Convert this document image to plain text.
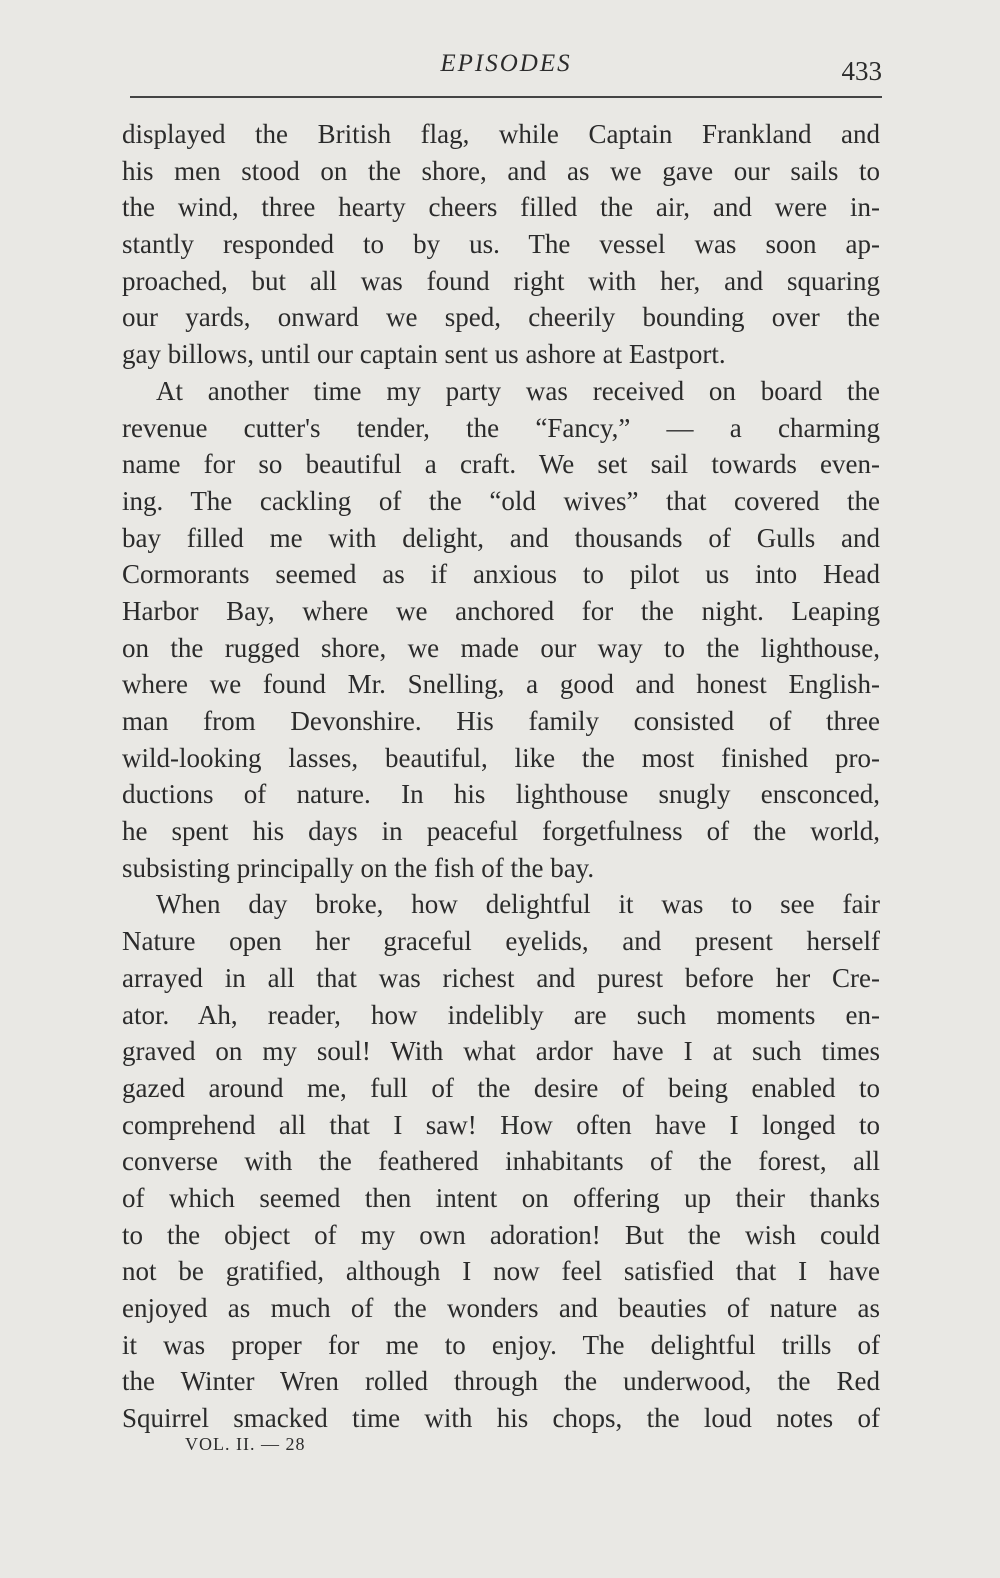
EPISODES	433
displayed the British flag, while Captain Frankland and
his men stood on the shore, and as we gave our sails to
the wind, three hearty cheers filled the air, and were in-
stantly responded to by us. The vessel was soon ap-
proached, but all was found right with her, and squaring
our yards, onward we sped, cheerily bounding over the
gay billows, until our captain sent us ashore at Eastport.
At another time my party was received on board the
revenue cutter's tender, the “Fancy,” — a charming
name for so beautiful a craft. We set sail towards even-
ing. The cackling of the “old wives” that covered the
bay filled me with delight, and thousands of Gulls and
Cormorants seemed as if anxious to pilot us into Head
Harbor Bay, where we anchored for the night. Leaping
on the rugged shore, we made our way to the lighthouse,
where we found Mr. Snelling, a good and honest English-
man from Devonshire. His family consisted of three
wild-looking lasses, beautiful, like the most finished pro-
ductions of nature. In his lighthouse snugly ensconced,
he spent his days in peaceful forgetfulness of the world,
subsisting principally on the fish of the bay.
When day broke, how delightful it was to see fair
Nature open her graceful eyelids, and present herself
arrayed in all that was richest and purest before her Cre-
ator. Ah, reader, how indelibly are such moments en-
graved on my soul! With what ardor have I at such times
gazed around me, full of the desire of being enabled to
comprehend all that I saw! How often have I longed to
converse with the feathered inhabitants of the forest, all
of which seemed then intent on offering up their thanks
to the object of my own adoration! But the wish could
not be gratified, although I now feel satisfied that I have
enjoyed as much of the wonders and beauties of nature as
it was proper for me to enjoy. The delightful trills of
the Winter Wren rolled through the underwood, the Red
Squirrel smacked time with his chops, the loud notes of
VOL. II. — 28
